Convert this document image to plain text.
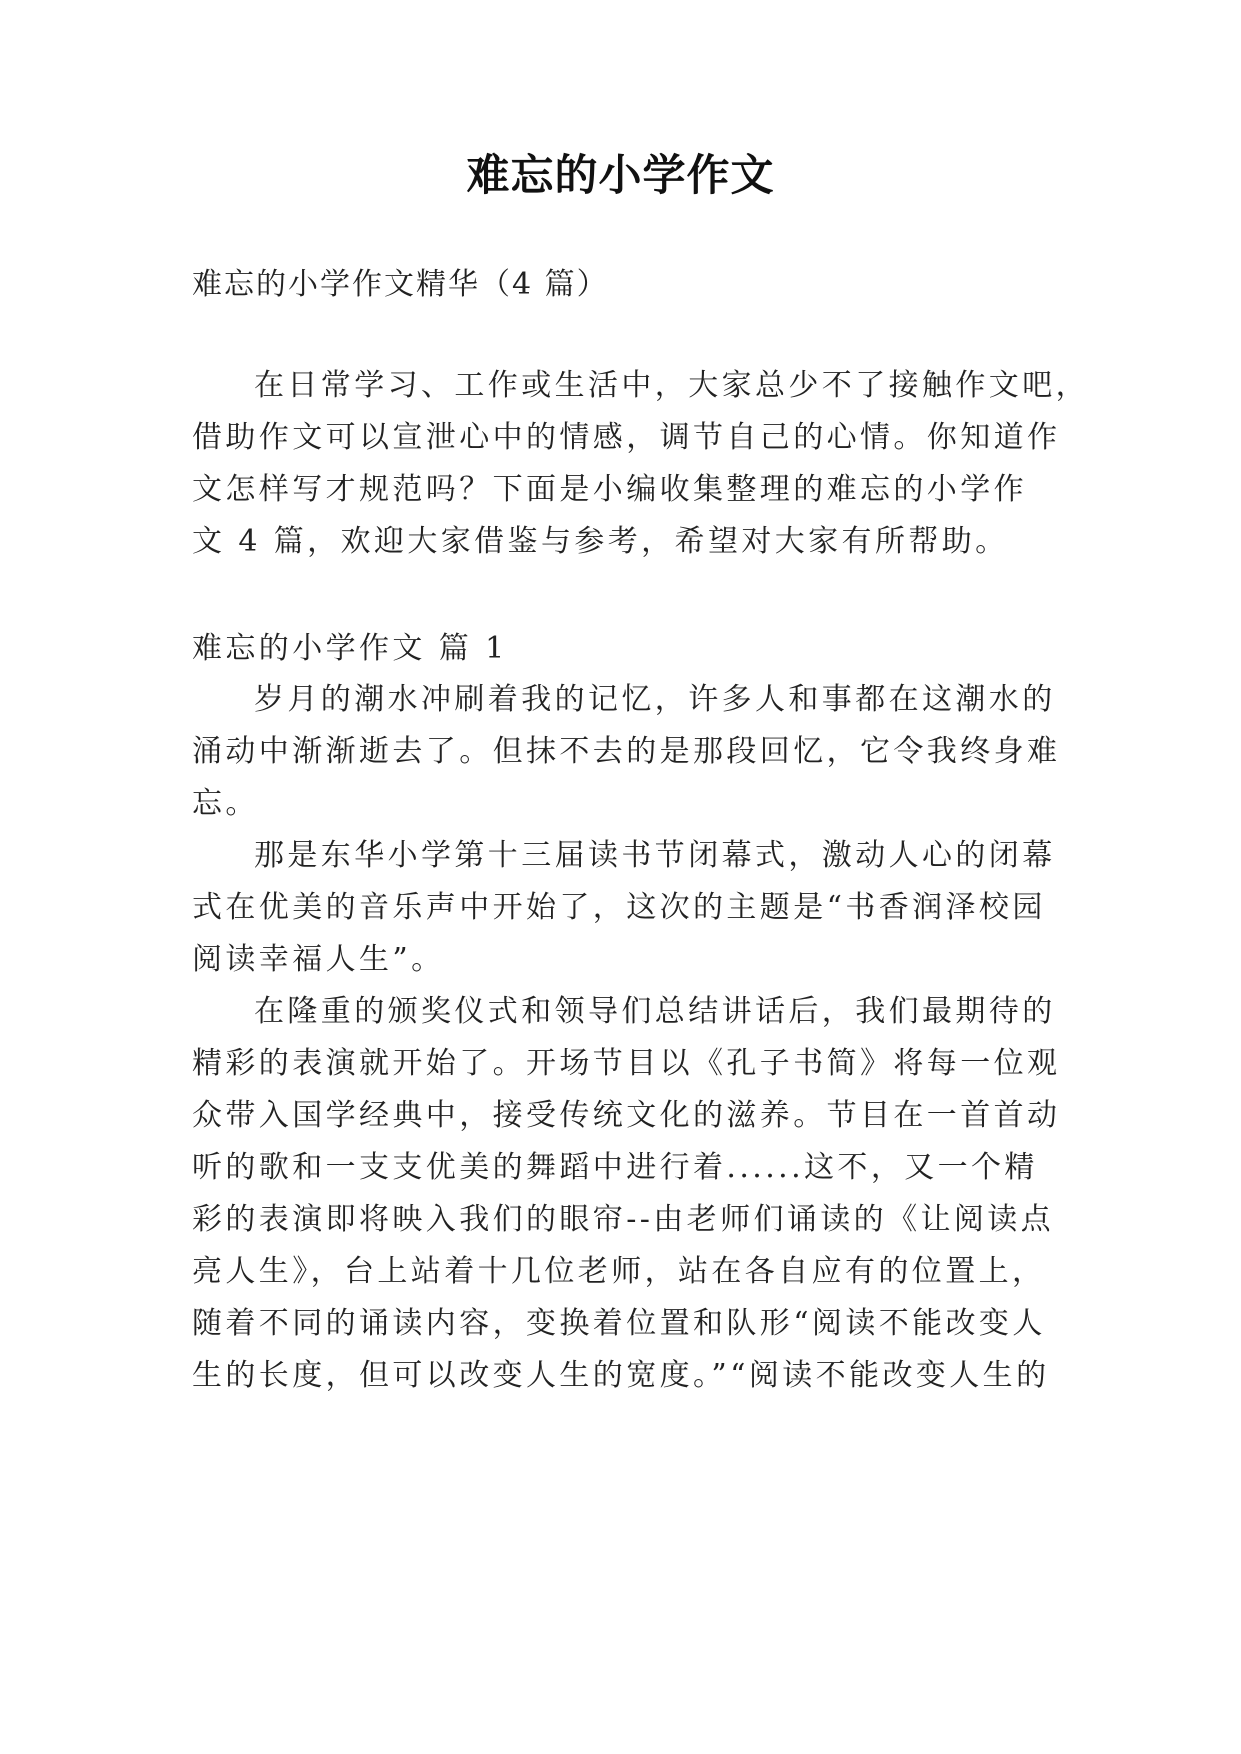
难忘的小学作文
难忘的小学作文精华（4 篇）
在日常学习、工作或生活中，大家总少不了接触作文吧，
借助作文可以宣泄心中的情感，调节自己的心情。你知道作
文怎样写才规范吗？下面是小编收集整理的难忘的小学作
文 4 篇，欢迎大家借鉴与参考，希望对大家有所帮助。
难忘的小学作文 篇 1
岁月的潮水冲刷着我的记忆，许多人和事都在这潮水的
涌动中渐渐逝去了。但抹不去的是那段回忆，它令我终身难
忘。
那是东华小学第十三届读书节闭幕式，激动人心的闭幕
式在优美的音乐声中开始了，这次的主题是“书香润泽校园
阅读幸福人生”。
在隆重的颁奖仪式和领导们总结讲话后，我们最期待的
精彩的表演就开始了。开场节目以《孔子书简》将每一位观
众带入国学经典中，接受传统文化的滋养。节目在一首首动
听的歌和一支支优美的舞蹈中进行着......这不，又一个精
彩的表演即将映入我们的眼帘--由老师们诵读的《让阅读点
亮人生》，台上站着十几位老师，站在各自应有的位置上，
随着不同的诵读内容，变换着位置和队形“阅读不能改变人
生的长度，但可以改变人生的宽度。”“阅读不能改变人生的
